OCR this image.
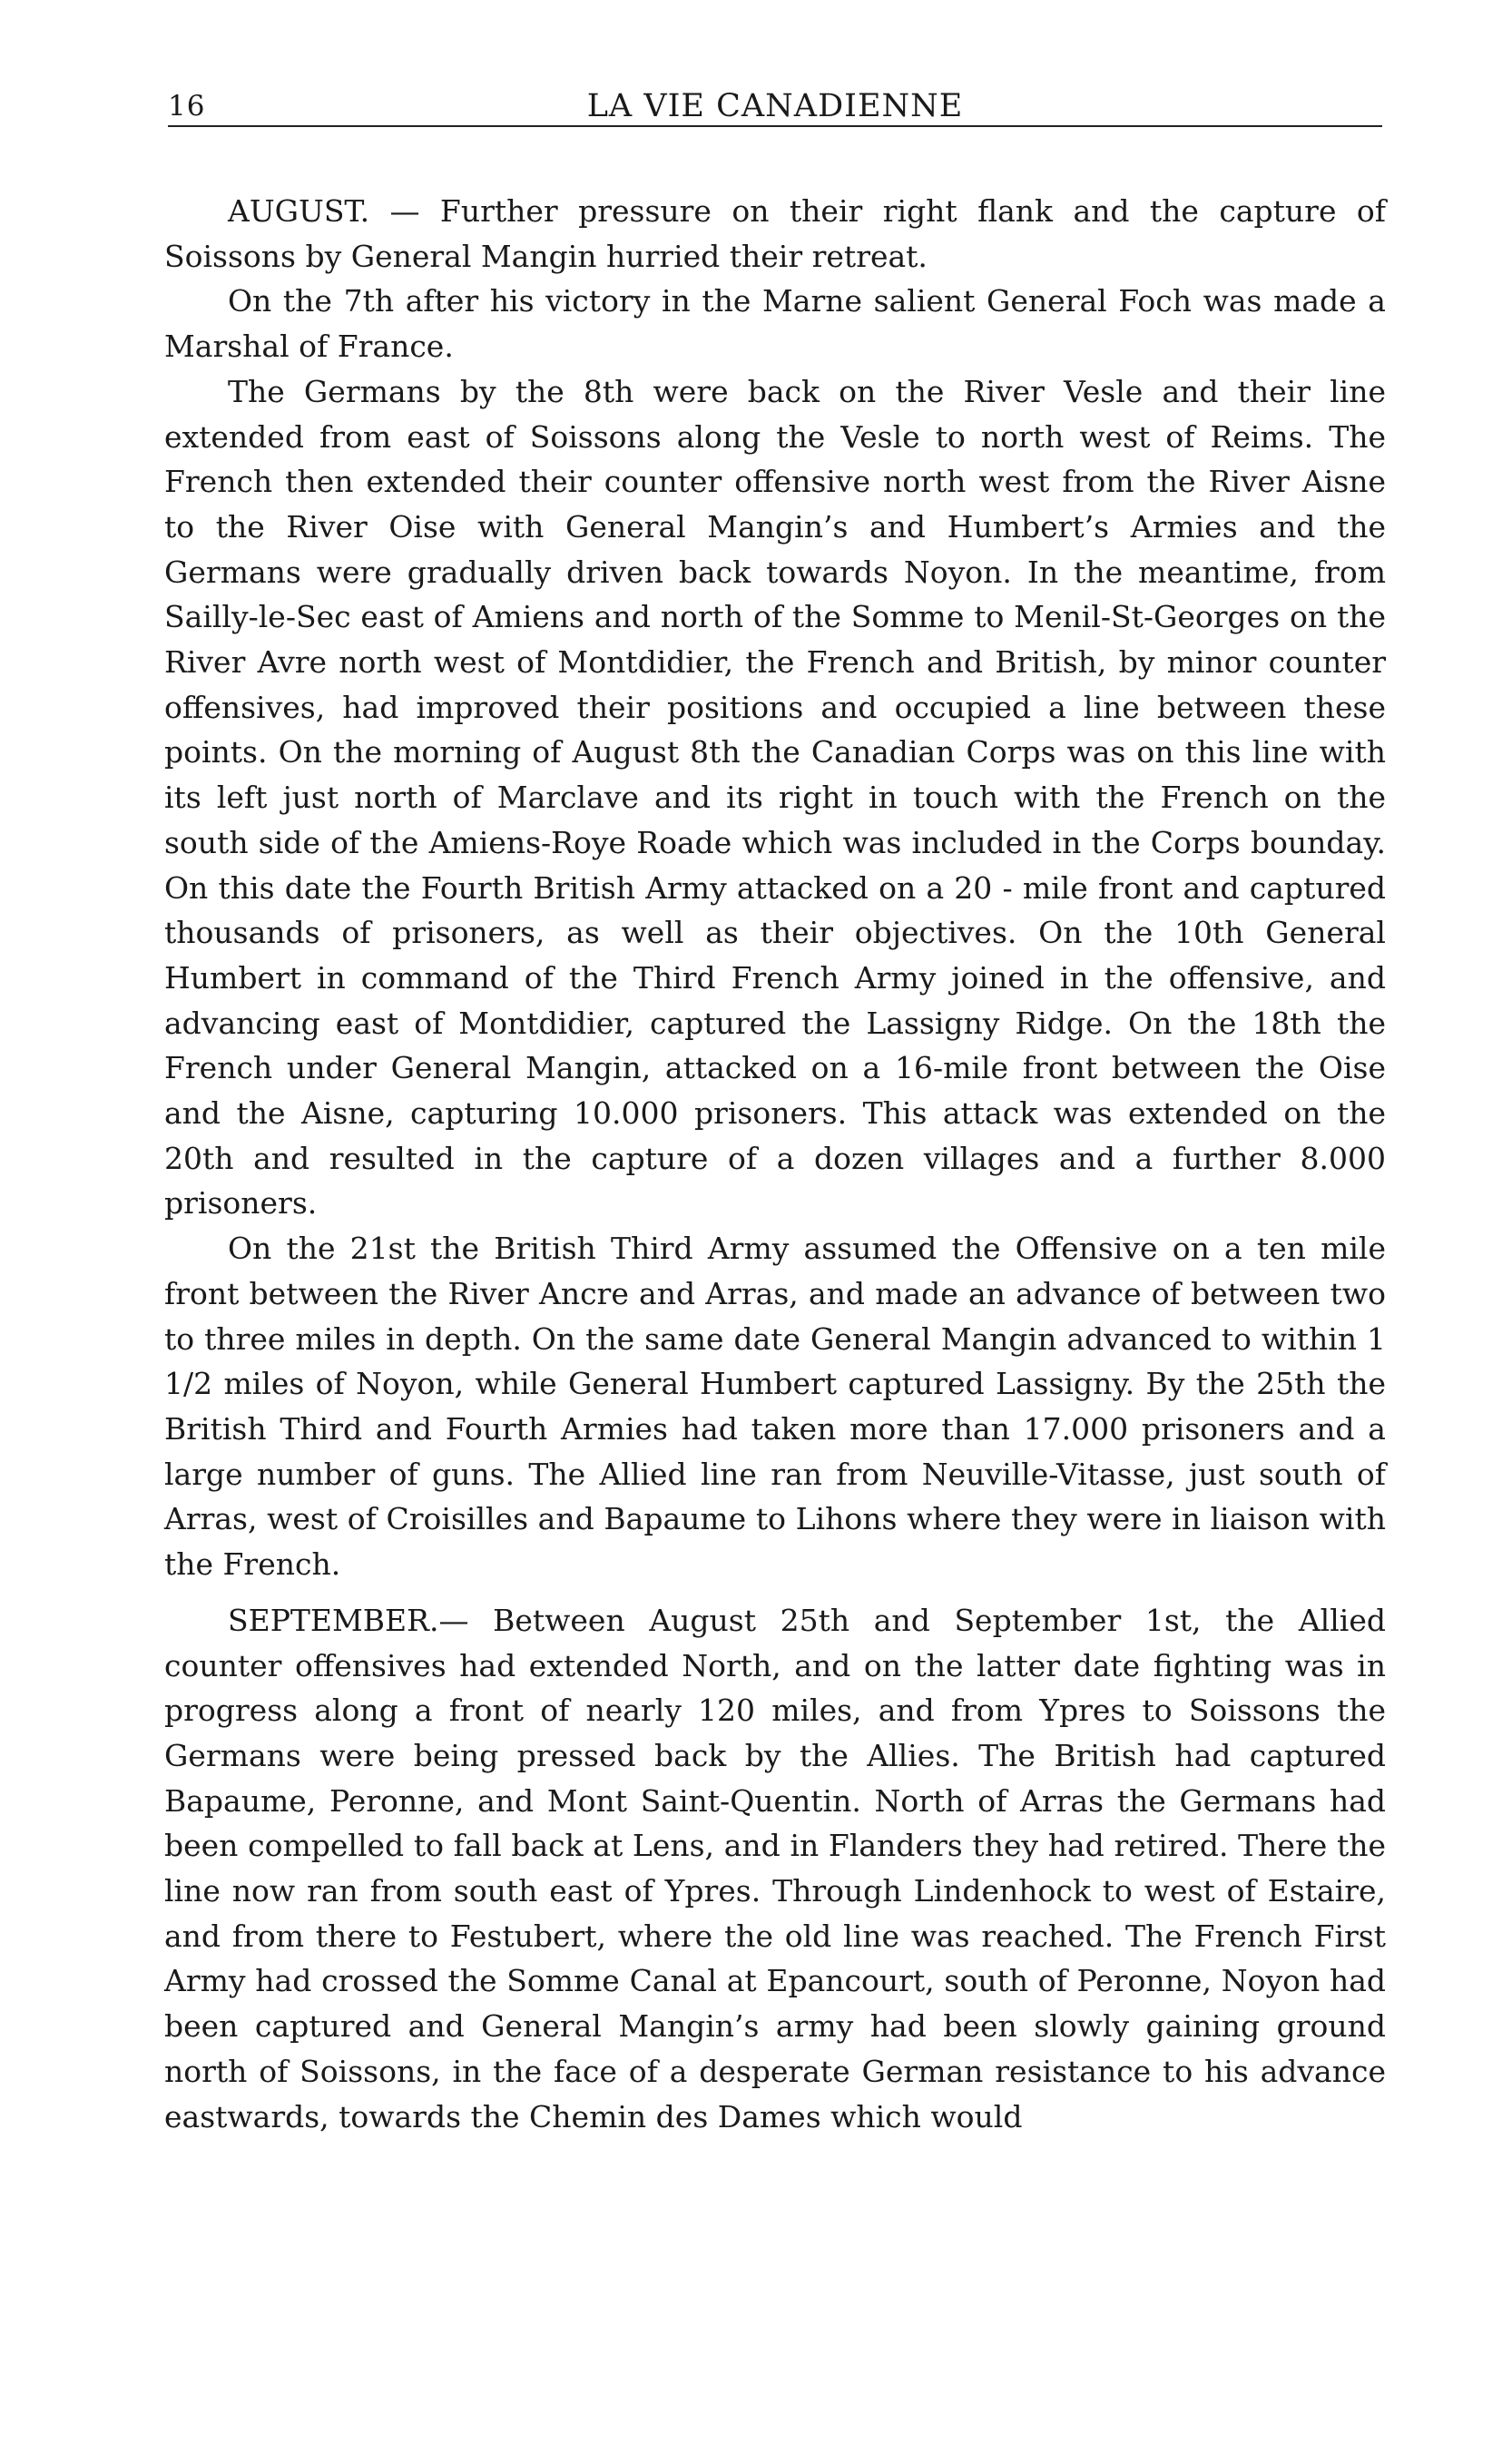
16	LA VIE CANADIENNE

AUGUST. — Further pressure on their right flank and the capture of Soissons by General Mangin hurried their retreat.

On the 7th after his victory in the Marne salient General Foch was made a Marshal of France.

The Germans by the 8th were back on the River Vesle and their line extended from east of Soissons along the Vesle to north west of Reims. The French then extended their counter offensive north west from the River Aisne to the River Oise with General Mangin’s and Humbert’s Armies and the Germans were gradually driven back towards Noyon. In the meantime, from Sailly-le-Sec east of Amiens and north of the Somme to Menil-St-Georges on the River Avre north west of Montdidier, the French and British, by minor counter offensives, had improved their positions and occupied a line between these points. On the morning of August 8th the Canadian Corps was on this line with its left just north of Marclave and its right in touch with the French on the south side of the Amiens-Roye Roade which was included in the Corps bounday. On this date the Fourth British Army attacked on a 20 - mile front and captured thousands of prisoners, as well as their objectives. On the 10th General Humbert in command of the Third French Army joined in the offensive, and advancing east of Montdidier, captured the Lassigny Ridge. On the 18th the French under General Mangin, attacked on a 16-mile front between the Oise and the Aisne, capturing 10.000 prisoners. This attack was extended on the 20th and resulted in the capture of a dozen villages and a further 8.000 prisoners.

On the 21st the British Third Army assumed the Offensive on a ten mile front between the River Ancre and Arras, and made an advance of between two to three miles in depth. On the same date General Mangin advanced to within 1 1/2 miles of Noyon, while General Humbert captured Lassigny. By the 25th the British Third and Fourth Armies had taken more than 17.000 prisoners and a large number of guns. The Allied line ran from Neuville-Vitasse, just south of Arras, west of Croisilles and Bapaume to Lihons where they were in liaison with the French.

SEPTEMBER.— Between August 25th and September 1st, the Allied counter offensives had extended North, and on the latter date fighting was in progress along a front of nearly 120 miles, and from Ypres to Soissons the Germans were being pressed back by the Allies. The British had captured Bapaume, Peronne, and Mont Saint-Quentin. North of Arras the Germans had been compelled to fall back at Lens, and in Flanders they had retired. There the line now ran from south east of Ypres. Through Lindenhock to west of Estaire, and from there to Festubert, where the old line was reached. The French First Army had crossed the Somme Canal at Epancourt, south of Peronne, Noyon had been captured and General Mangin’s army had been slowly gaining ground north of Soissons, in the face of a desperate German resistance to his advance eastwards, towards the Chemin des Dames which would
